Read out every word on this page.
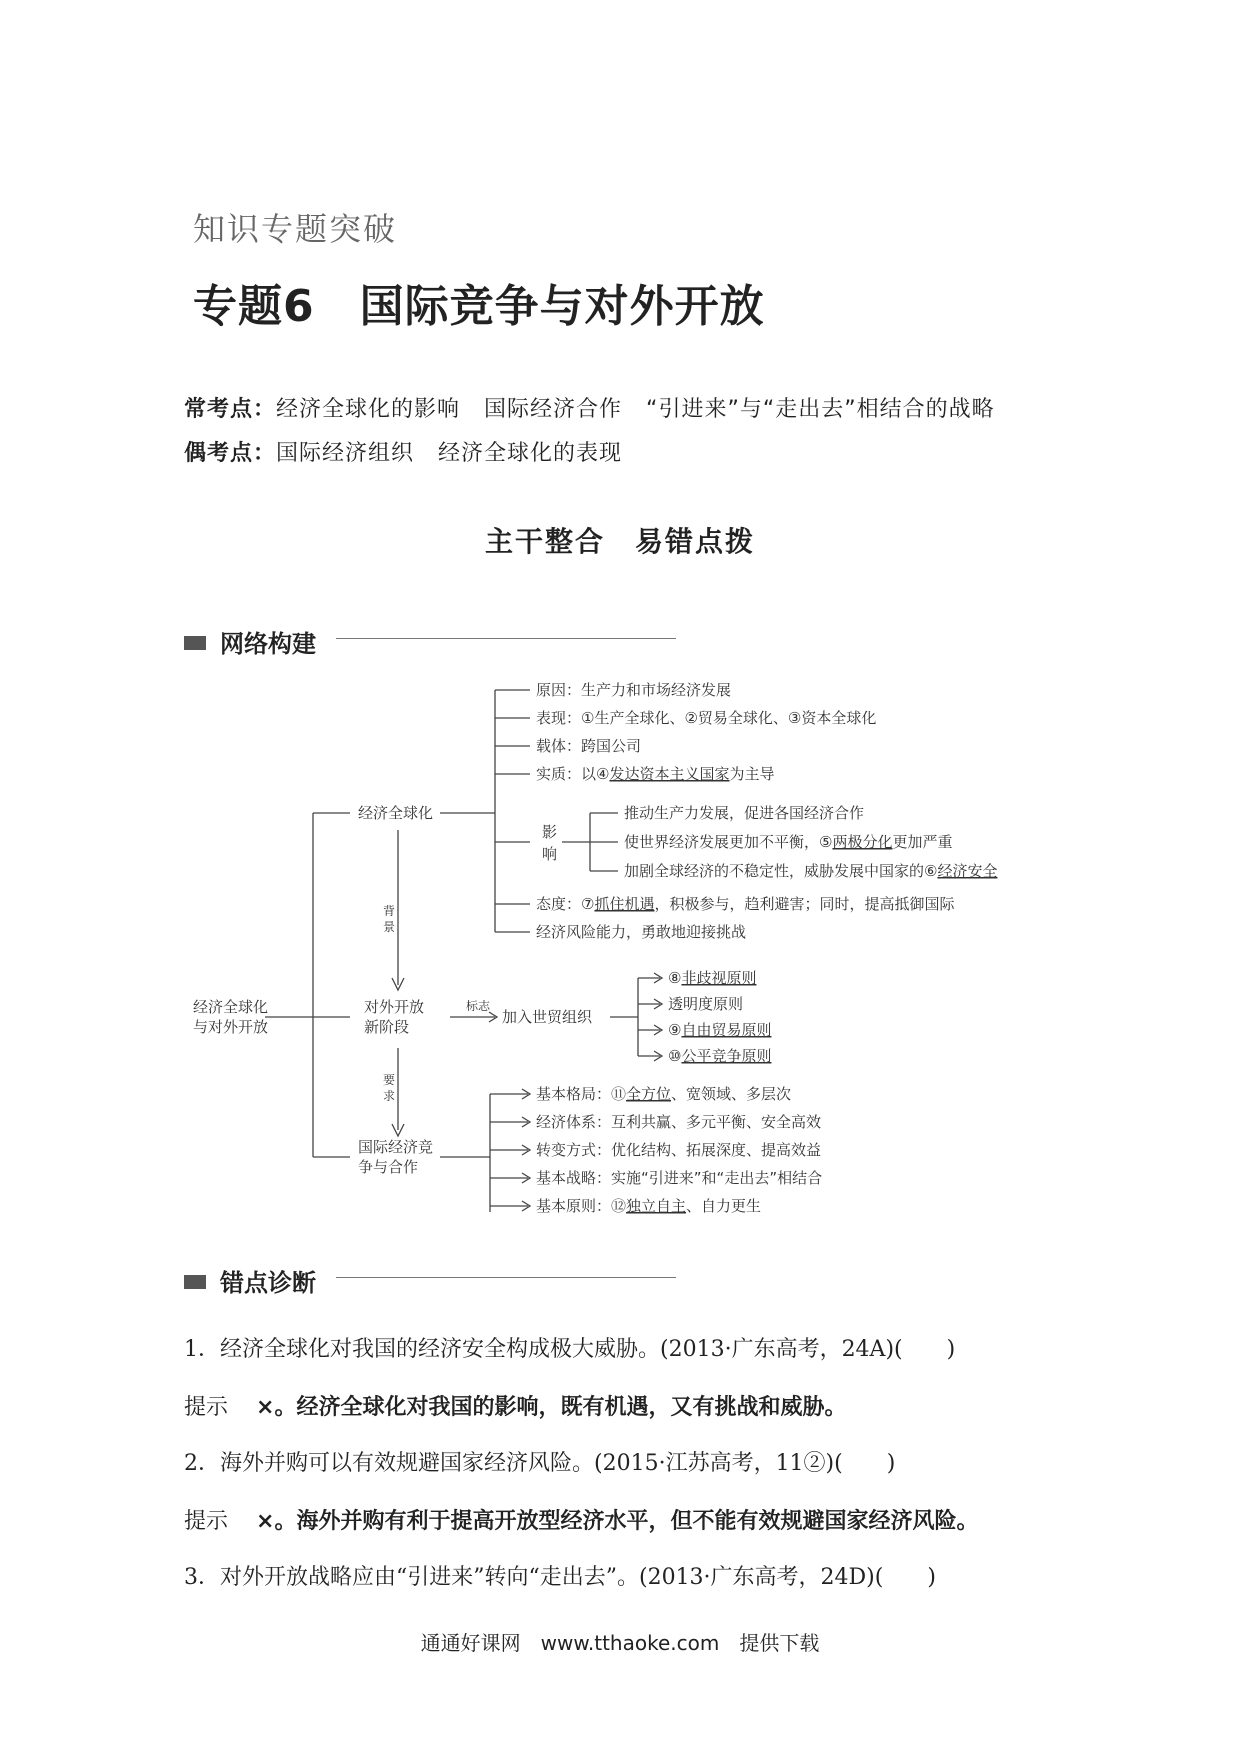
知识专题突破
专题6　国际竞争与对外开放
常考点：经济全球化的影响 国际经济合作 “引进来”与“走出去”相结合的战略
偶考点：国际经济组织 经济全球化的表现
主干整合　易错点拨
网络构建
经济全球化
与对外开放
经济全球化
原因：生产力和市场经济发展
表现：①生产全球化、②贸易全球化、③资本全球化
载体：跨国公司
实质：以④发达资本主义国家为主导
影
响
推动生产力发展，促进各国经济合作
使世界经济发展更加不平衡，⑤两极分化更加严重
加剧全球经济的不稳定性，威胁发展中国家的⑥经济安全
态度：⑦抓住机遇，积极参与，趋利避害；同时，提高抵御国际
经济风险能力，勇敢地迎接挑战
背
景
要
求
对外开放
新阶段
标志
加入世贸组织
⑧非歧视原则
透明度原则
⑨自由贸易原则
⑩公平竞争原则
国际经济竞
争与合作
基本格局：⑪全方位、宽领域、多层次
经济体系：互利共赢、多元平衡、安全高效
转变方式：优化结构、拓展深度、提高效益
基本战略：实施“引进来”和“走出去”相结合
基本原则：⑫独立自主、自力更生
错点诊断
1．经济全球化对我国的经济安全构成极大威胁。(2013·广东高考，24A)(　　)
提示 ×。经济全球化对我国的影响，既有机遇，又有挑战和威胁。
2．海外并购可以有效规避国家经济风险。(2015·江苏高考，11②)(　　)
提示 ×。海外并购有利于提高开放型经济水平，但不能有效规避国家经济风险。
3．对外开放战略应由“引进来”转向“走出去”。(2013·广东高考，24D)(　　)
通通好课网　www.tthaoke.com　提供下载
